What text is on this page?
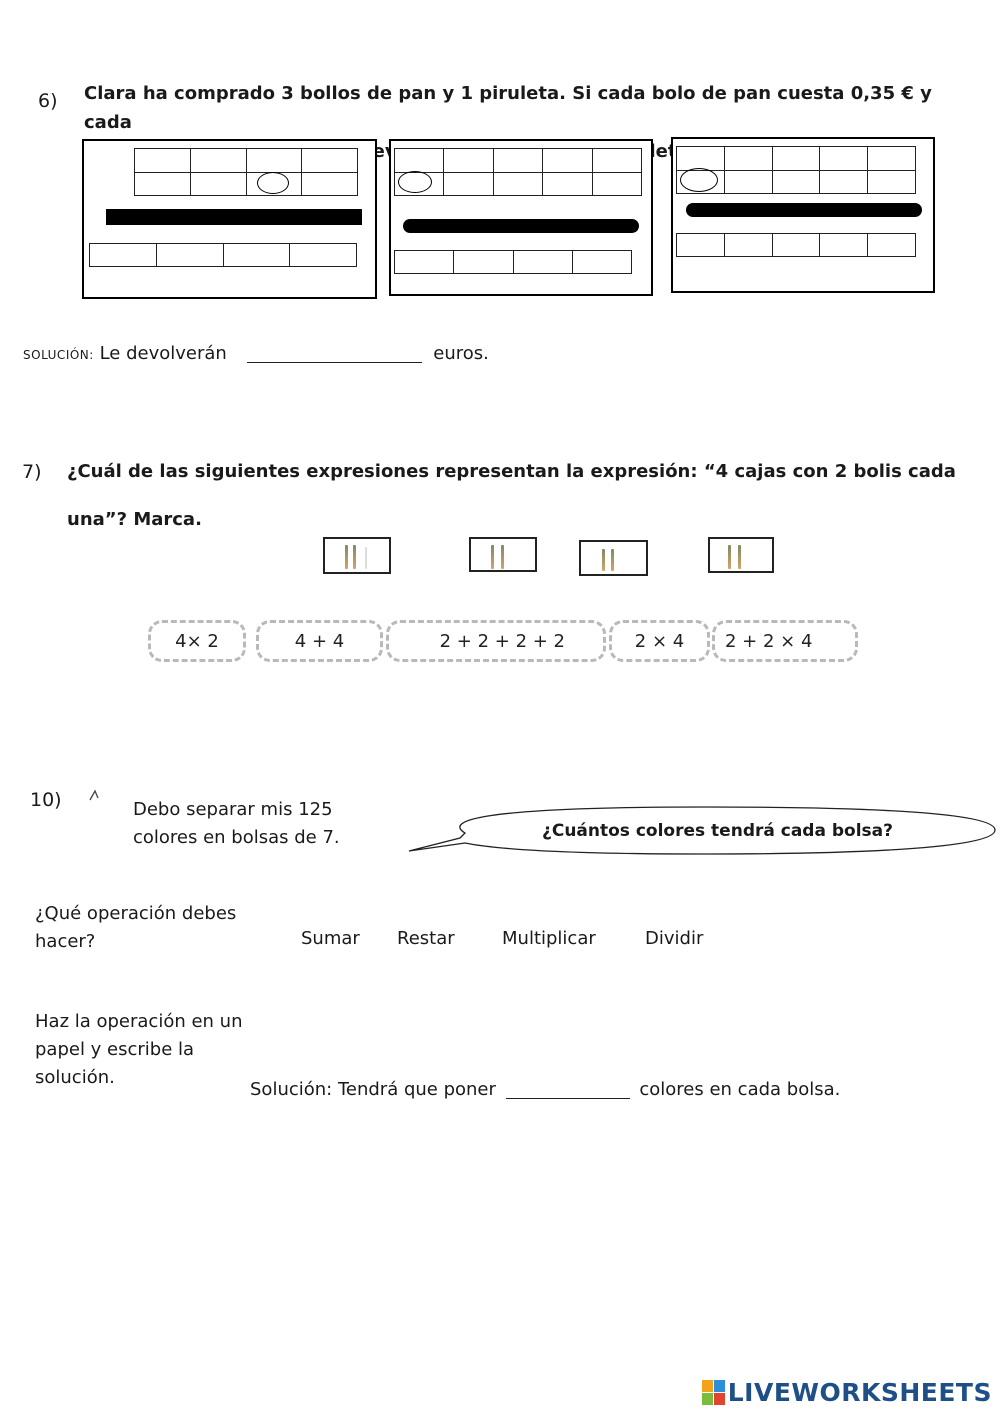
6) Clara ha comprado 3 bollos de pan y 1 piruleta. Si cada bolo de pan cuesta 0,35 € y cada
billete

SOLUCIÓN: Le devolverán	euros.
7) ¿Cuál de las siguientes expresiones representan la expresión: “4 cajas con 2 bolis cada
una”? Marca.
4× 2	4 + 4	2 + 2 + 2 + 2	2 × 4	2 + 2 × 4
10)	Debo separar mis 125
colores en bolsas de 7.	¿Cuántos colores tendrá cada bolsa?
¿Qué operación debes
hacer?	Sumar Restar	Multiplicar	Dividir
Haz la operación en un
papel y escribe la
solución.
Solución: Tendrá que poner	colores en cada bolsa.
LIVEWORKSHEETS
